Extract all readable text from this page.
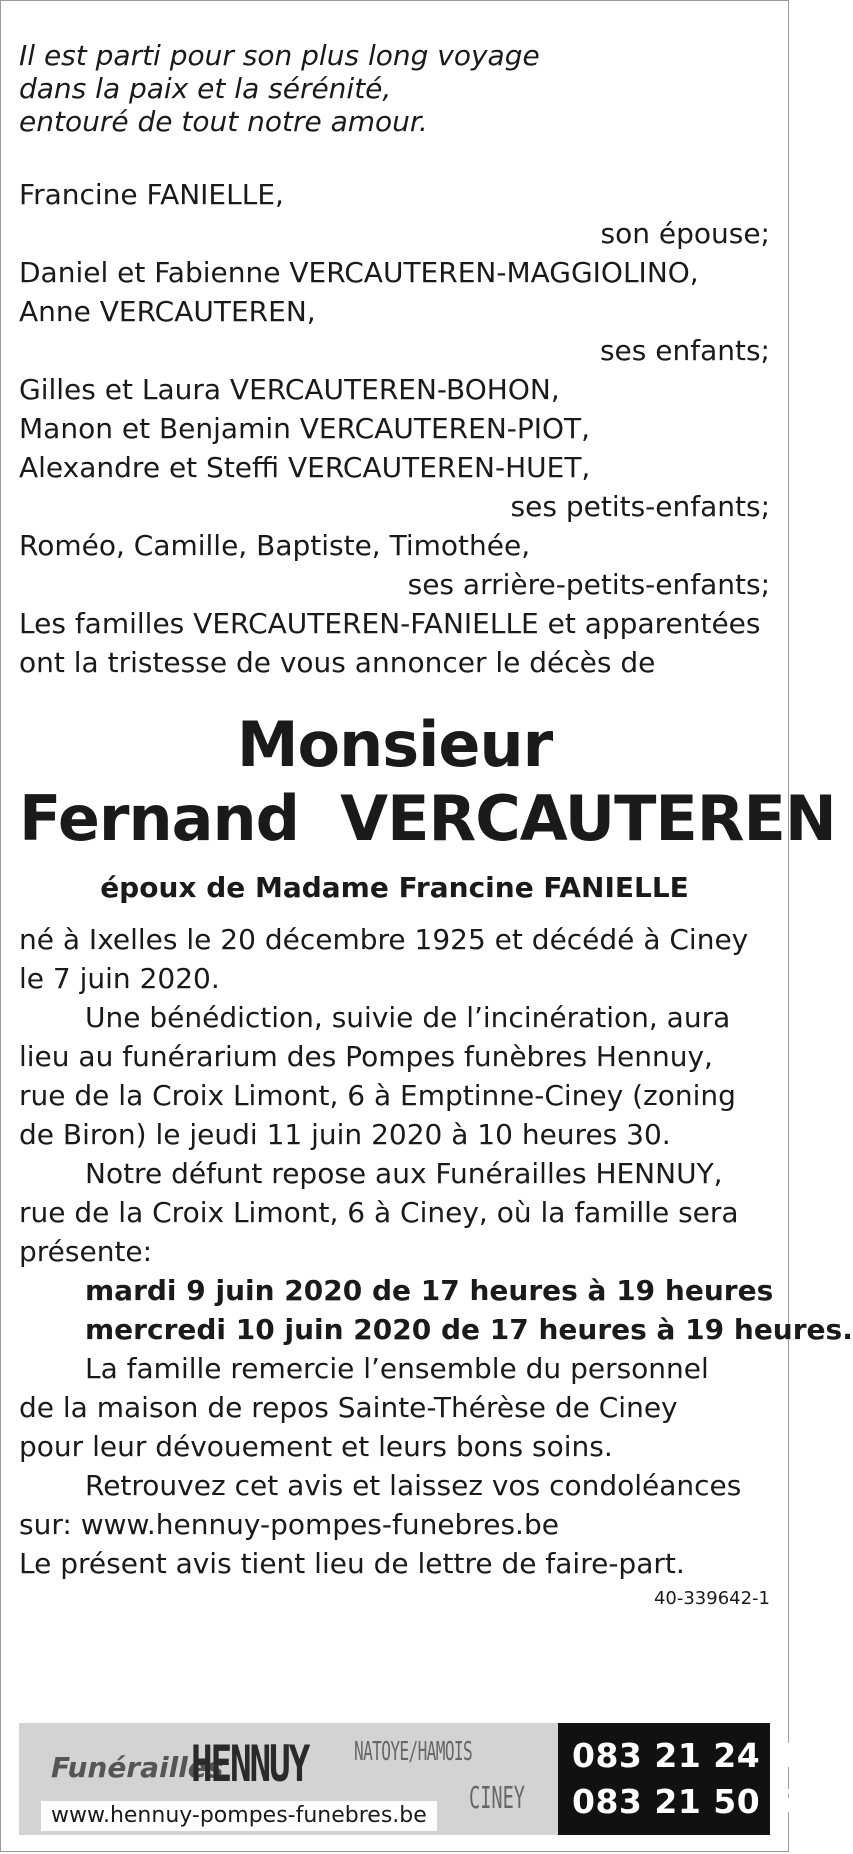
Il est parti pour son plus long voyage
dans la paix et la sérénité,
entouré de tout notre amour.
Francine FANIELLE,
son épouse;
Daniel et Fabienne VERCAUTEREN-MAGGIOLINO,
Anne VERCAUTEREN,
ses enfants;
Gilles et Laura VERCAUTEREN-BOHON,
Manon et Benjamin VERCAUTEREN-PIOT,
Alexandre et Steffi VERCAUTEREN-HUET,
ses petits-enfants;
Roméo, Camille, Baptiste, Timothée,
ses arrière-petits-enfants;
Les familles VERCAUTEREN-FANIELLE et apparentées
ont la tristesse de vous annoncer le décès de
Monsieur
Fernand  VERCAUTEREN
époux de Madame Francine FANIELLE
né à Ixelles le 20 décembre 1925 et décédé à Ciney
le 7 juin 2020.
Une bénédiction, suivie de l’incinération, aura
lieu au funérarium des Pompes funèbres Hennuy,
rue de la Croix Limont, 6 à Emptinne-Ciney (zoning
de Biron) le jeudi 11 juin 2020 à 10 heures 30.
Notre défunt repose aux Funérailles HENNUY,
rue de la Croix Limont, 6 à Ciney, où la famille sera
présente:
mardi 9 juin 2020 de 17 heures à 19 heures
mercredi 10 juin 2020 de 17 heures à 19 heures.
La famille remercie l’ensemble du personnel
de la maison de repos Sainte-Thérèse de Ciney
pour leur dévouement et leurs bons soins.
Retrouvez cet avis et laissez vos condoléances
sur: www.hennuy-pompes-funebres.be
Le présent avis tient lieu de lettre de faire-part.
40-339642-1
Funérailles
HENNUY NATOYE/HAMOIS
CINEY
www.hennuy-pompes-funebres.be
083 21 24 47
083 21 50 50
